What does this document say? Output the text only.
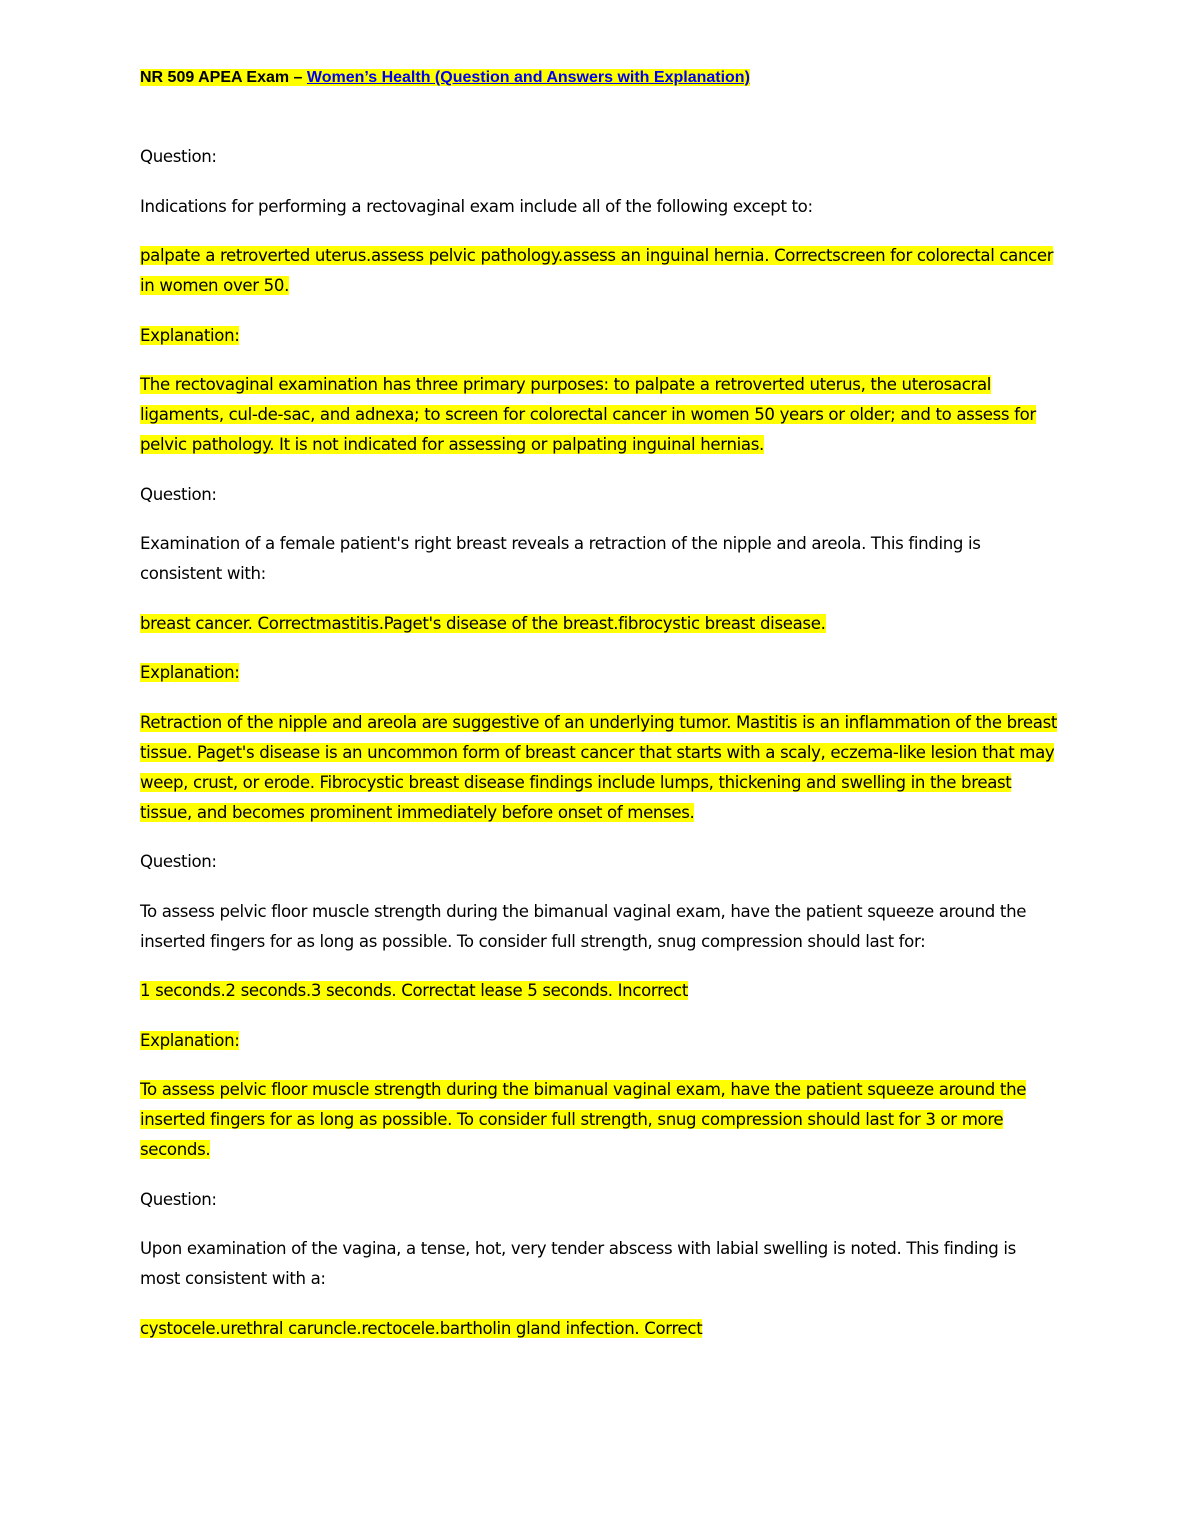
NR 509 APEA Exam – Women’s Health (Question and Answers with Explanation)
Question:
Indications for performing a rectovaginal exam include all of the following except to:
palpate a retroverted uterus.assess pelvic pathology.assess an inguinal hernia. Correctscreen for colorectal cancer in women over 50.
Explanation:
The rectovaginal examination has three primary purposes: to palpate a retroverted uterus, the uterosacral ligaments, cul-de-sac, and adnexa; to screen for colorectal cancer in women 50 years or older; and to assess for pelvic pathology. It is not indicated for assessing or palpating inguinal hernias.
Question:
Examination of a female patient's right breast reveals a retraction of the nipple and areola. This finding is consistent with:
breast cancer. Correctmastitis.Paget's disease of the breast.fibrocystic breast disease.
Explanation:
Retraction of the nipple and areola are suggestive of an underlying tumor. Mastitis is an inflammation of the breast tissue. Paget's disease is an uncommon form of breast cancer that starts with a scaly, eczema-like lesion that may weep, crust, or erode. Fibrocystic breast disease findings include lumps, thickening and swelling in the breast tissue, and becomes prominent immediately before onset of menses.
Question:
To assess pelvic floor muscle strength during the bimanual vaginal exam, have the patient squeeze around the inserted fingers for as long as possible. To consider full strength, snug compression should last for:
1 seconds.2 seconds.3 seconds. Correctat lease 5 seconds. Incorrect
Explanation:
To assess pelvic floor muscle strength during the bimanual vaginal exam, have the patient squeeze around the inserted fingers for as long as possible. To consider full strength, snug compression should last for 3 or more seconds.
Question:
Upon examination of the vagina, a tense, hot, very tender abscess with labial swelling is noted. This finding is most consistent with a:
cystocele.urethral caruncle.rectocele.bartholin gland infection. Correct
